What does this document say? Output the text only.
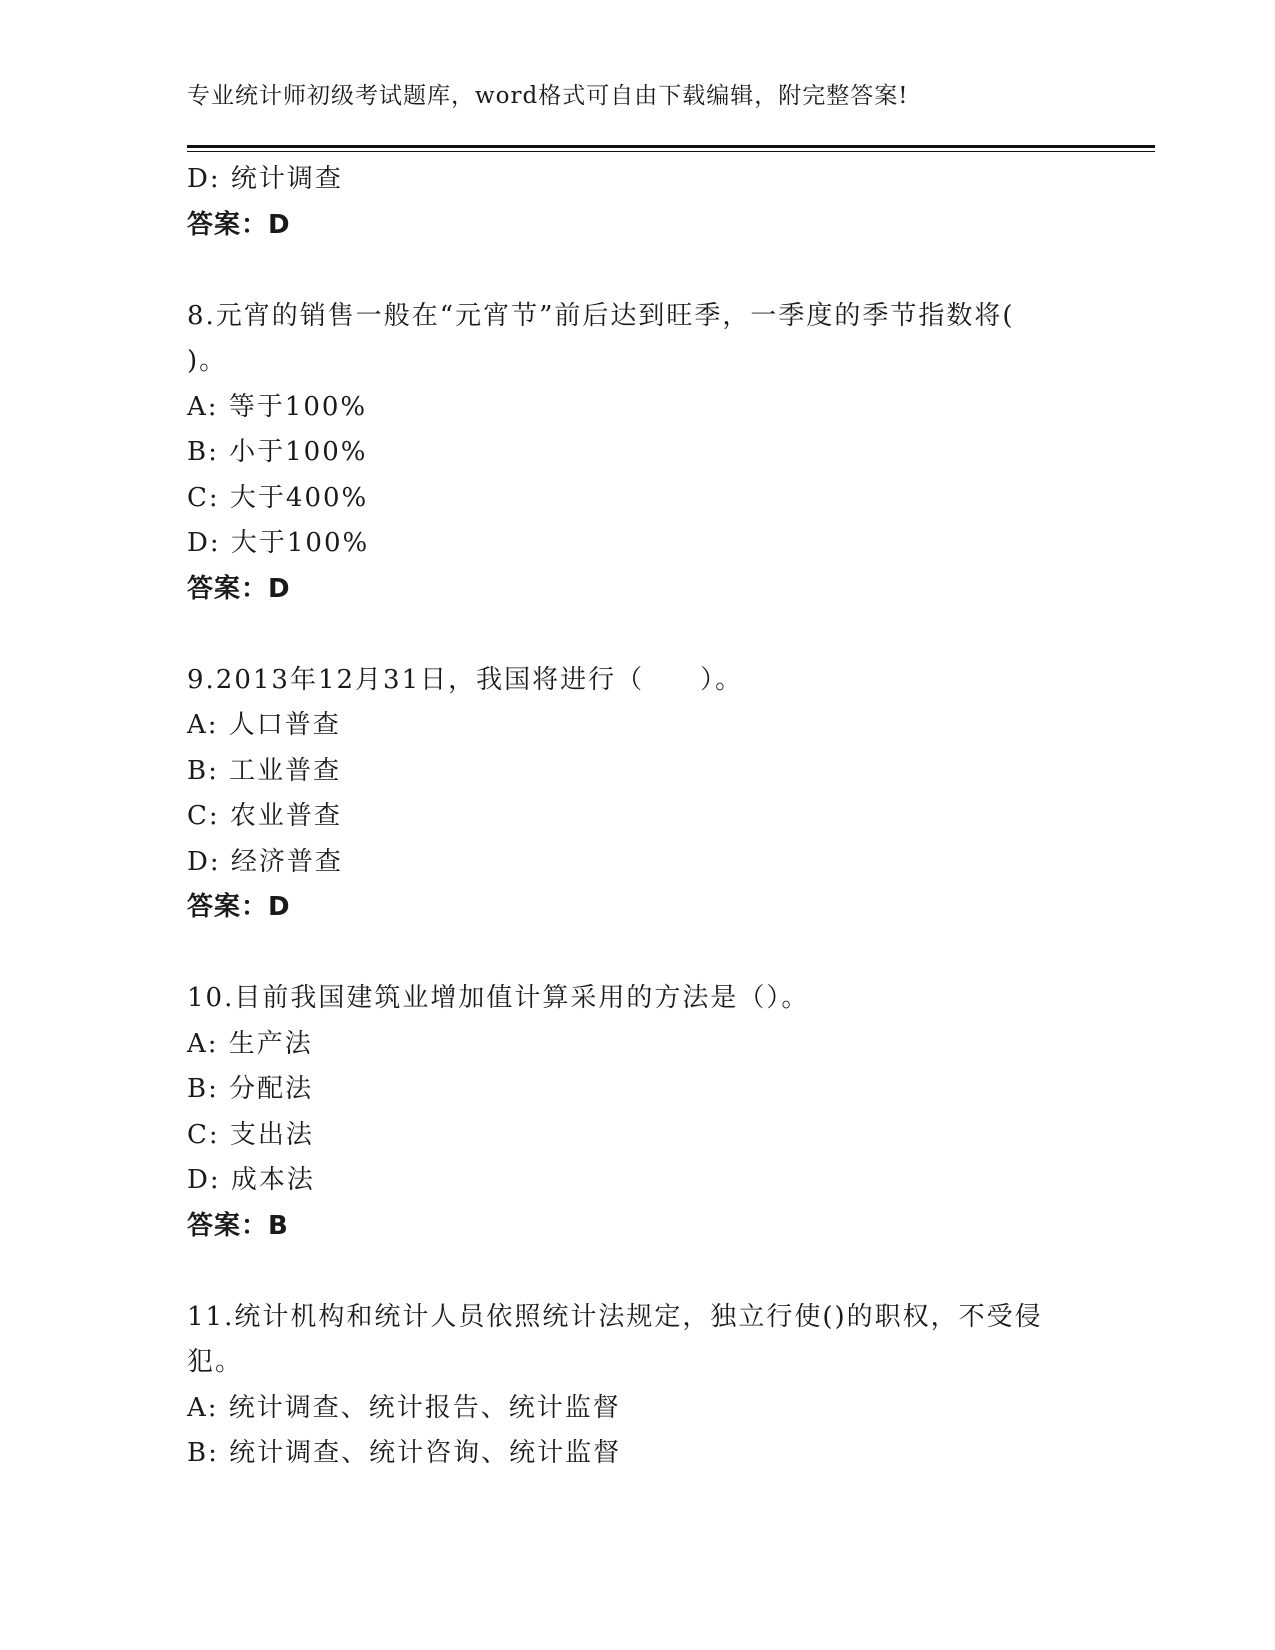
专业统计师初级考试题库，word格式可自由下载编辑，附完整答案!
D: 统计调查
答案：D
8.元宵的销售一般在“元宵节”前后达到旺季，一季度的季节指数将(
)。
A: 等于100%
B: 小于100%
C: 大于400%
D: 大于100%
答案：D
9.2013年12月31日，我国将进行（　　）。
A: 人口普查
B: 工业普查
C: 农业普查
D: 经济普查
答案：D
10.目前我国建筑业增加值计算采用的方法是（）。
A: 生产法
B: 分配法
C: 支出法
D: 成本法
答案：B
11.统计机构和统计人员依照统计法规定，独立行使()的职权，不受侵
犯。
A: 统计调查、统计报告、统计监督
B: 统计调查、统计咨询、统计监督
